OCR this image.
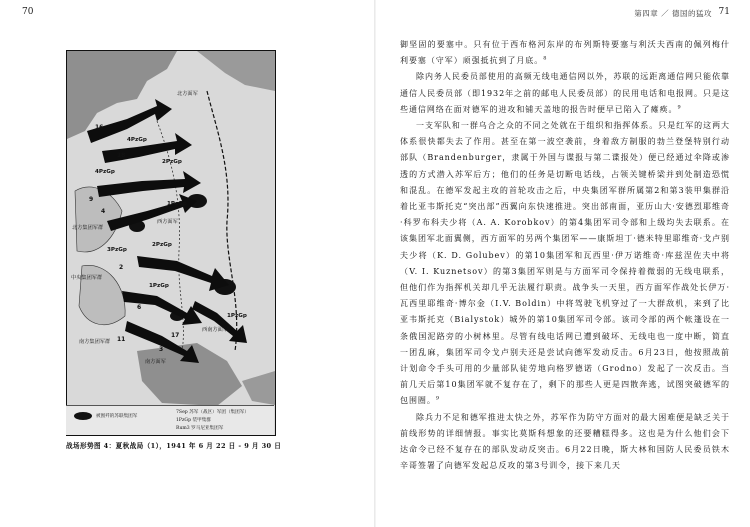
70
北方面军
西方面军
西南方面军
南方面军
北方集团军群
中央集团军群
南方集团军群
4PzGp
2PzGp
1PzGp
2PzGp
1PzGp
1PzGp
4PzGp
3PzGp
16
18
9
4
2
6
17
11
3
被围歼的苏联集团军
7Sep 苏军（战区）军团（集团军）
1PzGp 装甲集群
Rum3 罗马尼亚集团军
战场形势图 4：夏秋战局（1），1941 年 6 月 22 日 - 9 月 30 日
第四章 ／ 德国的猛攻 71

御坚固的要塞中。只有位于西布格河东岸的布列斯特要塞与利沃夫西南的佩列梅什利要塞（守军）顽强抵抗到了月底。$^8$

除内务人民委员部使用的高频无线电通信网以外，苏联的远距离通信网只能依靠通信人民委员部（即1932年之前的邮电人民委员部）的民用电话和电报网。只是这些通信网络在面对德军的进攻和铺天盖地的报告时便早已陷入了瘫痪。$^9$

一支军队和一群乌合之众的不同之处就在于组织和指挥体系。只是红军的这两大体系很快都失去了作用。甚至在第一波空袭前，身着敌方制服的勃兰登堡特别行动部队（Brandenburger，隶属于外国与谍报与第二谍报处）便已经通过伞降或渗透的方式潜入苏军后方；他们的任务是切断电话线，占领关键桥梁并到处制造恐慌和混乱。在德军发起主攻的首轮攻击之后，中央集团军群所属第2和第3装甲集群沿着比亚韦斯托克“突出部”西翼向东快速推进。突出部南面，亚历山大·安德烈耶维奇·科罗布科夫少将（A. A. Korobkov）的第4集团军司令部和上级均失去联系。在该集团军北面翼侧，西方面军的另两个集团军——康斯坦丁·德米特里耶维奇·戈卢别夫少将（K. D. Golubev）的第10集团军和瓦西里·伊万诺维奇·库兹涅佐夫中将（V. I. Kuznetsov）的第3集团军则是与方面军司令保持着微弱的无线电联系，但他们作为指挥机关却几乎无法履行职责。战争头一天里，西方面军作战处长伊万·瓦西里耶维奇·博尔金（I.V. Boldin）中将驾驶飞机穿过了一大群敌机，来到了比亚韦斯托克（Bialystok）城外的第10集团军司令部。该司令部的两个帐篷设在一条俄国泥路旁的小树林里。尽管有线电话网已遭到破坏、无线电也一度中断，简直一团乱麻，集团军司令戈卢别夫还是尝试向德军发动反击。6月23日，他按照战前计划命令手头可用的少量部队徒劳地向格罗德诺（Grodno）发起了一次反击。当前几天后第10集团军就不复存在了，剩下的那些人更是四散奔逃，试图突破德军的包围圈。$^9$

除兵力不足和德军推进太快之外，苏军作为防守方面对的最大困难便是缺乏关于前线形势的详细情报。事实比莫斯科想象的还要糟糕得多。这也是为什么他们会下达命令已经不复存在的部队发动反突击。6月22日晚，斯大林和国防人民委员铁木辛哥签署了向德军发起总反攻的第3号训令，接下来几天
